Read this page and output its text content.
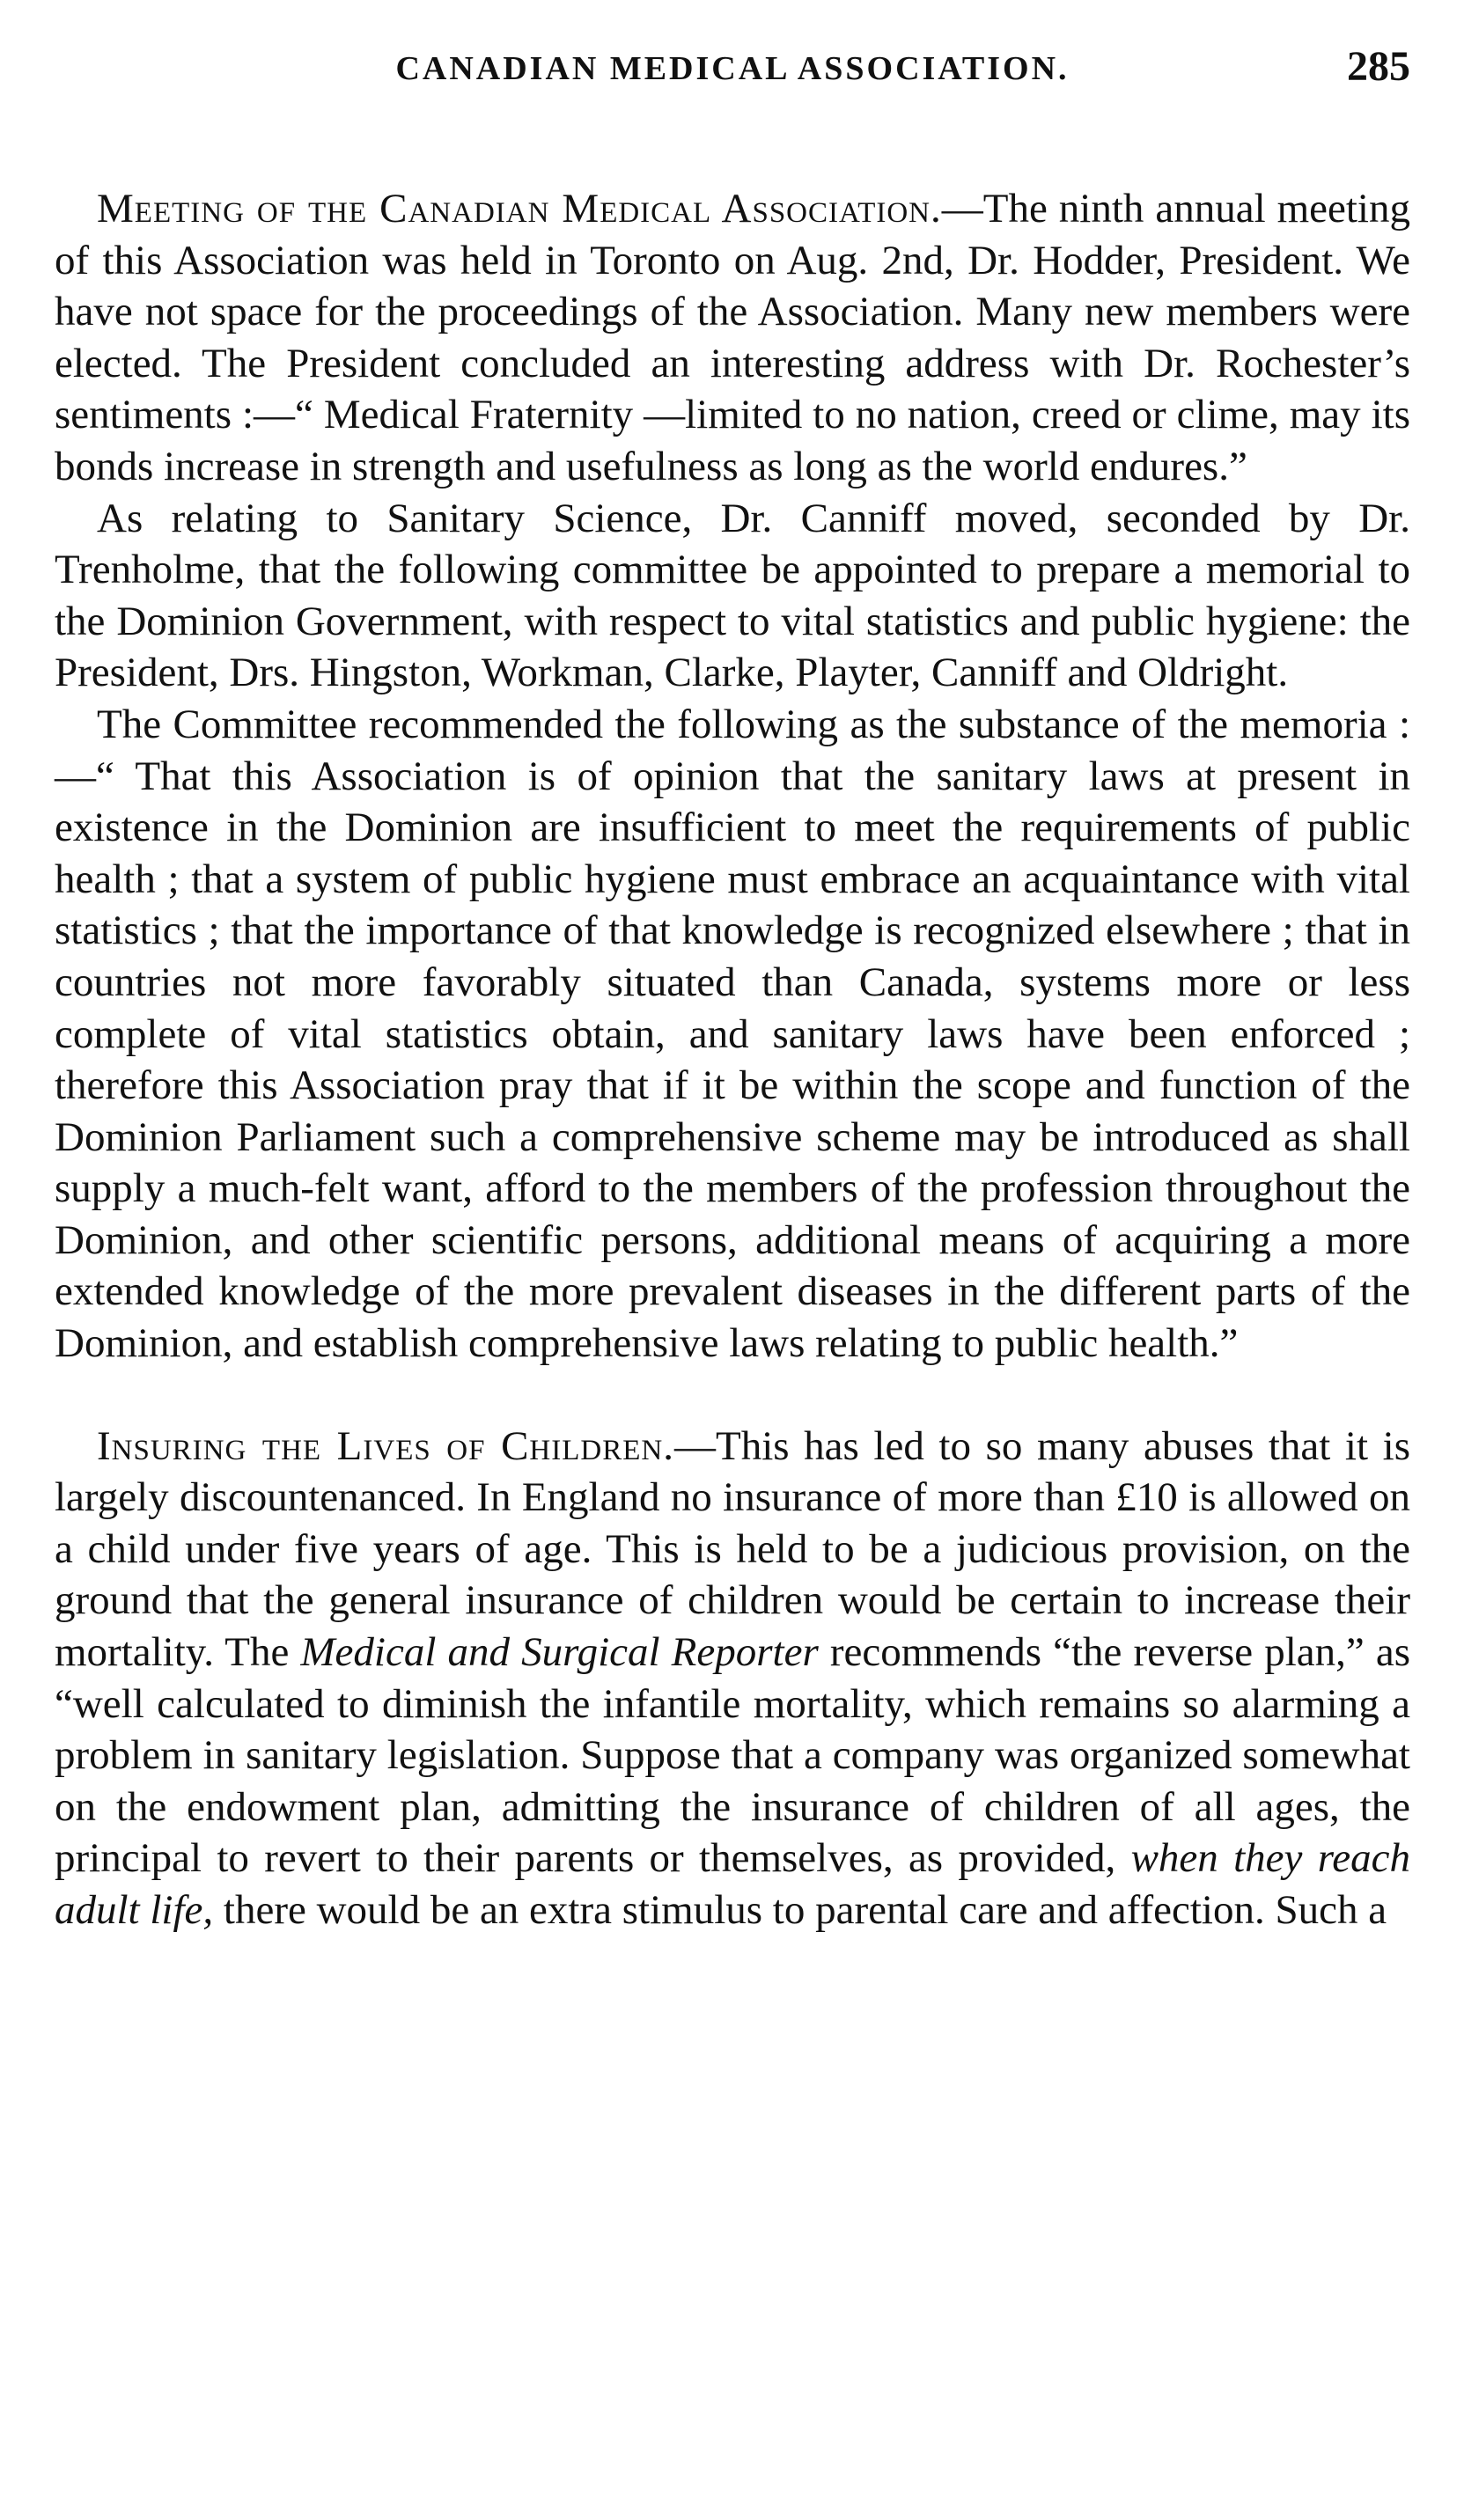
CANADIAN MEDICAL ASSOCIATION.	285

Meeting of the Canadian Medical Association.—The ninth annual meeting of this Association was held in Toronto on Aug. 2nd, Dr. Hodder, President. We have not space for the proceedings of the Association. Many new members were elected. The President concluded an interesting address with Dr. Rochester’s sentiments :—“ Medical Fraternity —limited to no nation, creed or clime, may its bonds increase in strength and usefulness as long as the world endures.”

As relating to Sanitary Science, Dr. Canniff moved, seconded by Dr. Trenholme, that the following committee be appointed to prepare a memorial to the Dominion Government, with respect to vital statistics and public hygiene: the President, Drs. Hingston, Workman, Clarke, Playter, Canniff and Oldright.

The Committee recommended the following as the substance of the memoria :—“ That this Association is of opinion that the sanitary laws at present in existence in the Dominion are insufficient to meet the requirements of public health ; that a system of public hygiene must embrace an acquaintance with vital statistics ; that the importance of that knowledge is recognized elsewhere ; that in countries not more favorably situated than Canada, systems more or less complete of vital statistics obtain, and sanitary laws have been enforced ; therefore this Association pray that if it be within the scope and function of the Dominion Parliament such a comprehensive scheme may be introduced as shall supply a much-felt want, afford to the members of the profession throughout the Dominion, and other scientific persons, additional means of acquiring a more extended knowledge of the more prevalent diseases in the different parts of the Dominion, and establish comprehensive laws relating to public health.”

Insuring the Lives of Children.—This has led to so many abuses that it is largely discountenanced. In England no insurance of more than £10 is allowed on a child under five years of age. This is held to be a judicious provision, on the ground that the general insurance of children would be certain to increase their mortality. The Medical and Surgical Reporter recommends “the reverse plan,” as “well calculated to diminish the infantile mortality, which remains so alarming a problem in sanitary legislation. Suppose that a company was organized somewhat on the endowment plan, admitting the insurance of children of all ages, the principal to revert to their parents or themselves, as provided, when they reach adult life, there would be an extra stimulus to parental care and affection. Such a
